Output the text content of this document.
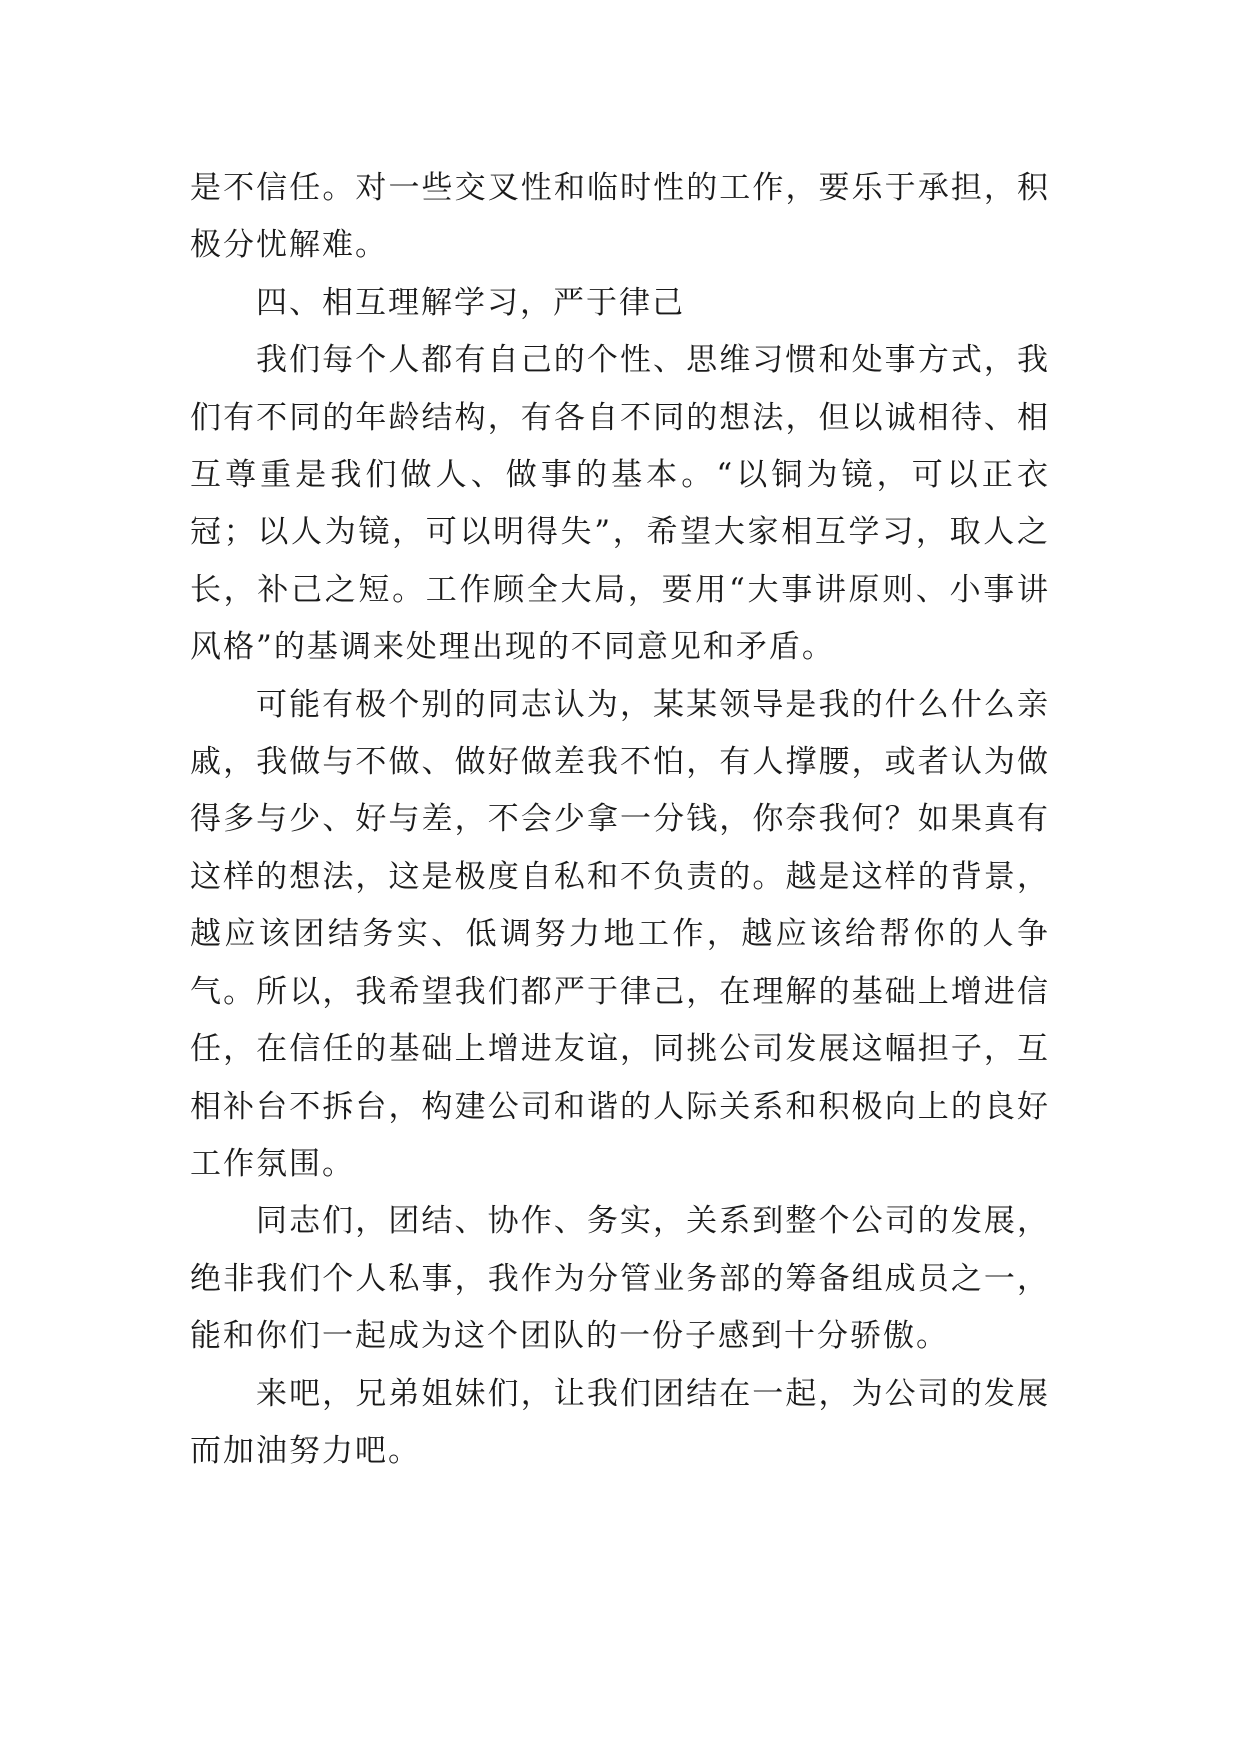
是不信任。对一些交叉性和临时性的工作，要乐于承担，积极分忧解难。

四、相互理解学习，严于律己

我们每个人都有自己的个性、思维习惯和处事方式，我们有不同的年龄结构，有各自不同的想法，但以诚相待、相互尊重是我们做人、做事的基本。“以铜为镜，可以正衣冠；以人为镜，可以明得失”，希望大家相互学习，取人之长，补己之短。工作顾全大局，要用“大事讲原则、小事讲风格”的基调来处理出现的不同意见和矛盾。

可能有极个别的同志认为，某某领导是我的什么什么亲戚，我做与不做、做好做差我不怕，有人撑腰，或者认为做得多与少、好与差，不会少拿一分钱，你奈我何？如果真有这样的想法，这是极度自私和不负责的。越是这样的背景，越应该团结务实、低调努力地工作，越应该给帮你的人争气。所以，我希望我们都严于律己，在理解的基础上增进信任，在信任的基础上增进友谊，同挑公司发展这幅担子，互相补台不拆台，构建公司和谐的人际关系和积极向上的良好工作氛围。

同志们，团结、协作、务实，关系到整个公司的发展，绝非我们个人私事，我作为分管业务部的筹备组成员之一，能和你们一起成为这个团队的一份子感到十分骄傲。

来吧，兄弟姐妹们，让我们团结在一起，为公司的发展而加油努力吧。
